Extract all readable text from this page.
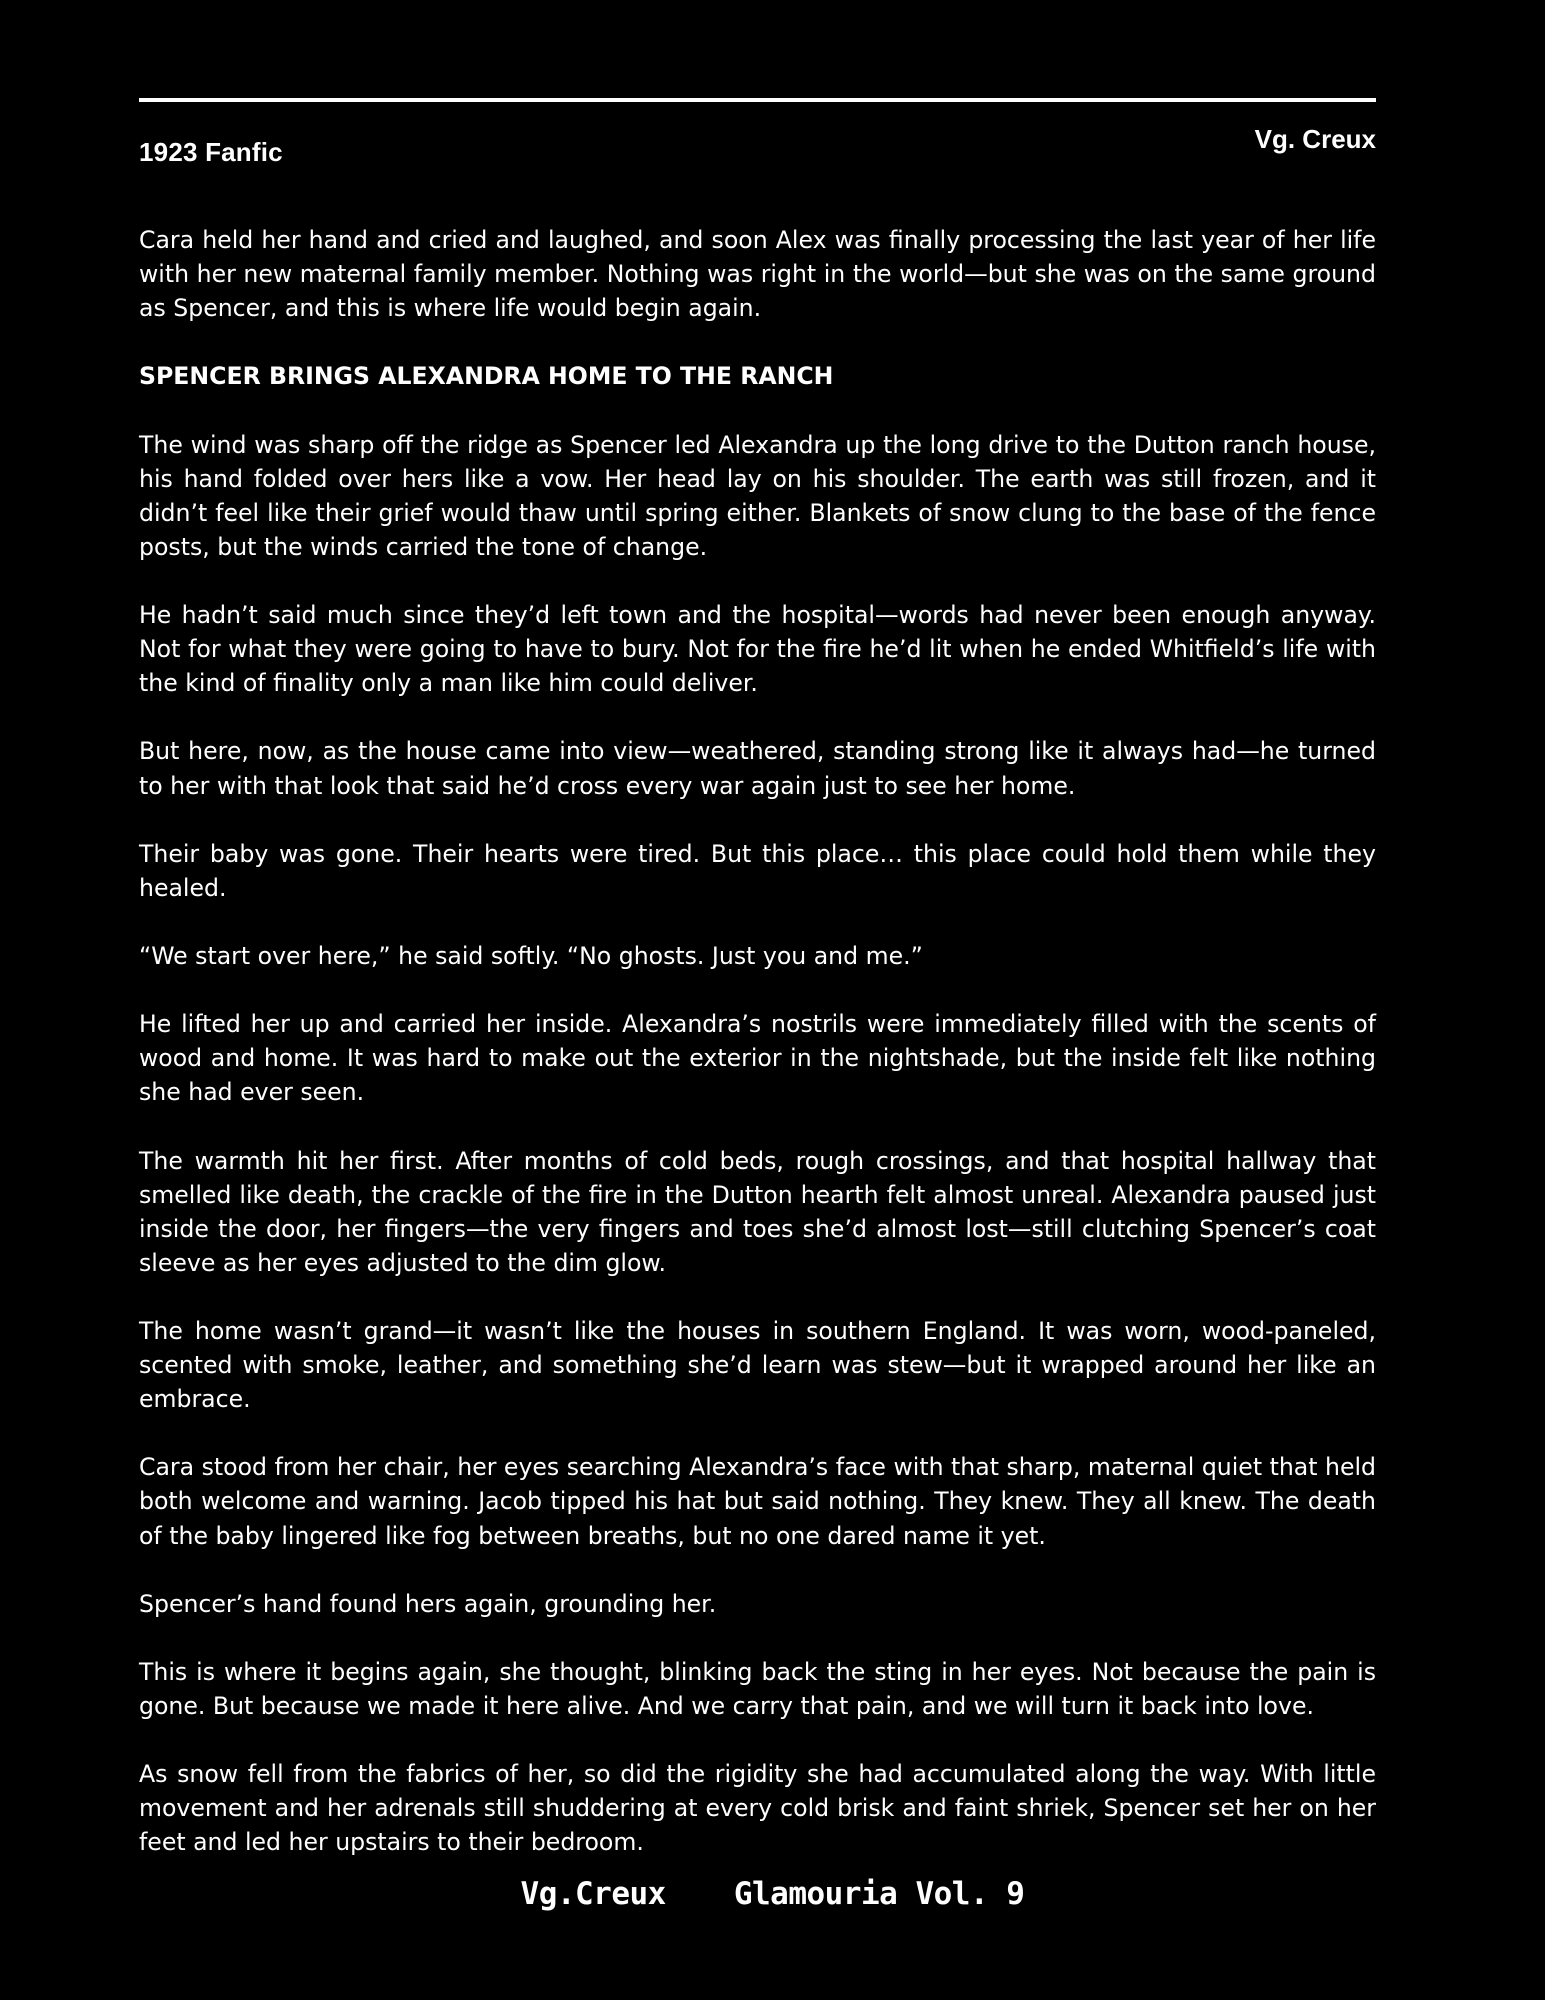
1923 Fanfic	Vg. Creux

Cara held her hand and cried and laughed, and soon Alex was finally processing the last year of her life with her new maternal family member. Nothing was right in the world—but she was on the same ground as Spencer, and this is where life would begin again.

SPENCER BRINGS ALEXANDRA HOME TO THE RANCH

The wind was sharp off the ridge as Spencer led Alexandra up the long drive to the Dutton ranch house, his hand folded over hers like a vow. Her head lay on his shoulder. The earth was still frozen, and it didn’t feel like their grief would thaw until spring either. Blankets of snow clung to the base of the fence posts, but the winds carried the tone of change.

He hadn’t said much since they’d left town and the hospital—words had never been enough anyway. Not for what they were going to have to bury. Not for the fire he’d lit when he ended Whitfield’s life with the kind of finality only a man like him could deliver.

But here, now, as the house came into view—weathered, standing strong like it always had—he turned to her with that look that said he’d cross every war again just to see her home.

Their baby was gone. Their hearts were tired. But this place… this place could hold them while they healed.

“We start over here,” he said softly. “No ghosts. Just you and me.”

He lifted her up and carried her inside. Alexandra’s nostrils were immediately filled with the scents of wood and home. It was hard to make out the exterior in the nightshade, but the inside felt like nothing she had ever seen.

The warmth hit her first. After months of cold beds, rough crossings, and that hospital hallway that smelled like death, the crackle of the fire in the Dutton hearth felt almost unreal. Alexandra paused just inside the door, her fingers—the very fingers and toes she’d almost lost—still clutching Spencer’s coat sleeve as her eyes adjusted to the dim glow.

The home wasn’t grand—it wasn’t like the houses in southern England. It was worn, wood-paneled, scented with smoke, leather, and something she’d learn was stew—but it wrapped around her like an embrace.

Cara stood from her chair, her eyes searching Alexandra’s face with that sharp, maternal quiet that held both welcome and warning. Jacob tipped his hat but said nothing. They knew. They all knew. The death of the baby lingered like fog between breaths, but no one dared name it yet.

Spencer’s hand found hers again, grounding her.

This is where it begins again, she thought, blinking back the sting in her eyes. Not because the pain is gone. But because we made it here alive. And we carry that pain, and we will turn it back into love.

As snow fell from the fabrics of her, so did the rigidity she had accumulated along the way. With little movement and her adrenals still shuddering at every cold brisk and faint shriek, Spencer set her on her feet and led her upstairs to their bedroom.

Vg.Creux Glamouria Vol. 9
